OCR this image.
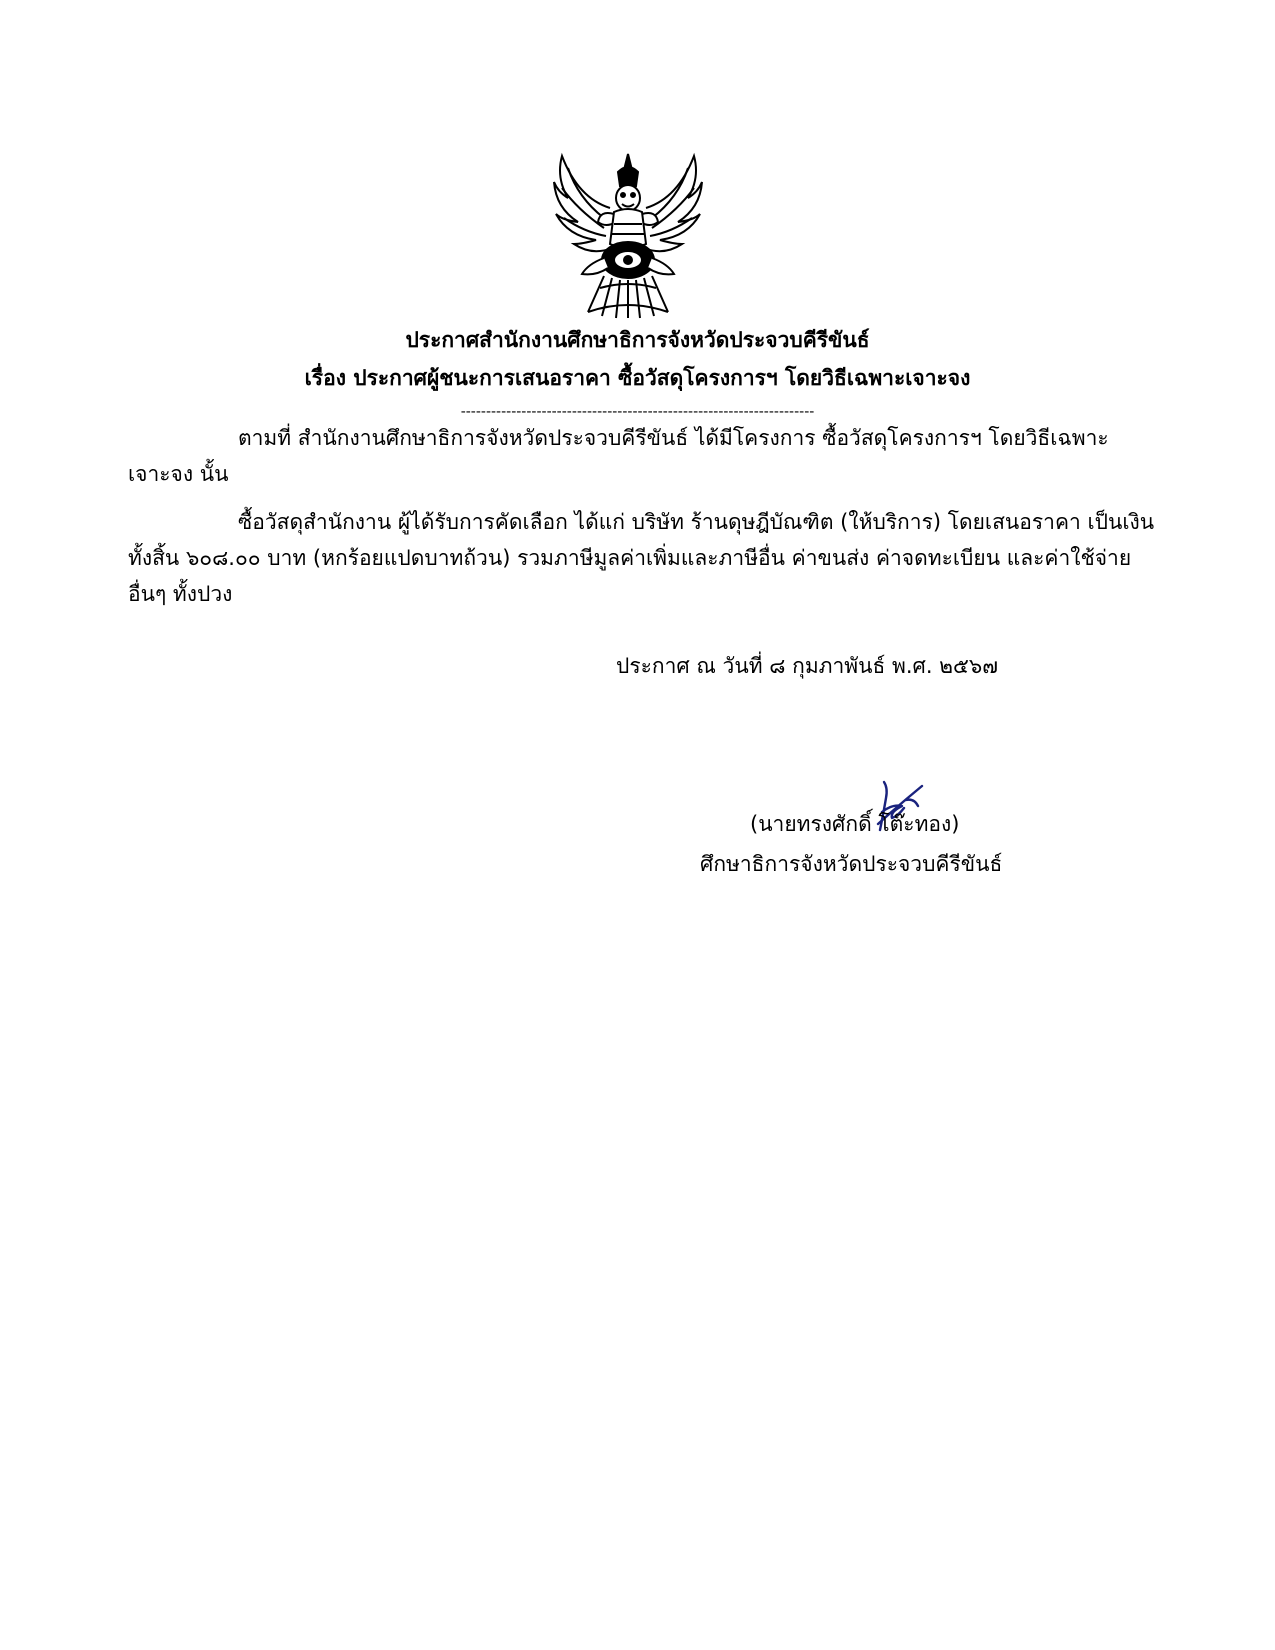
ประกาศสำนักงานศึกษาธิการจังหวัดประจวบคีรีขันธ์
เรื่อง ประกาศผู้ชนะการเสนอราคา ซื้อวัสดุโครงการฯ โดยวิธีเฉพาะเจาะจง
----------------------------------------------------------------------
ตามที่ สำนักงานศึกษาธิการจังหวัดประจวบคีรีขันธ์ ได้มีโครงการ ซื้อวัสดุโครงการฯ โดยวิธีเฉพาะ
เจาะจง นั้น
ซื้อวัสดุสำนักงาน ผู้ได้รับการคัดเลือก ได้แก่ บริษัท ร้านดุษฎีบัณฑิต (ให้บริการ) โดยเสนอราคา เป็นเงิน
ทั้งสิ้น ๖๐๘.๐๐ บาท (หกร้อยแปดบาทถ้วน) รวมภาษีมูลค่าเพิ่มและภาษีอื่น ค่าขนส่ง ค่าจดทะเบียน และค่าใช้จ่าย
อื่นๆ ทั้งปวง
ประกาศ ณ วันที่ ๘ กุมภาพันธ์ พ.ศ. ๒๕๖๗
(นายทรงศักดิ์ โต๊ะทอง)
ศึกษาธิการจังหวัดประจวบคีรีขันธ์
